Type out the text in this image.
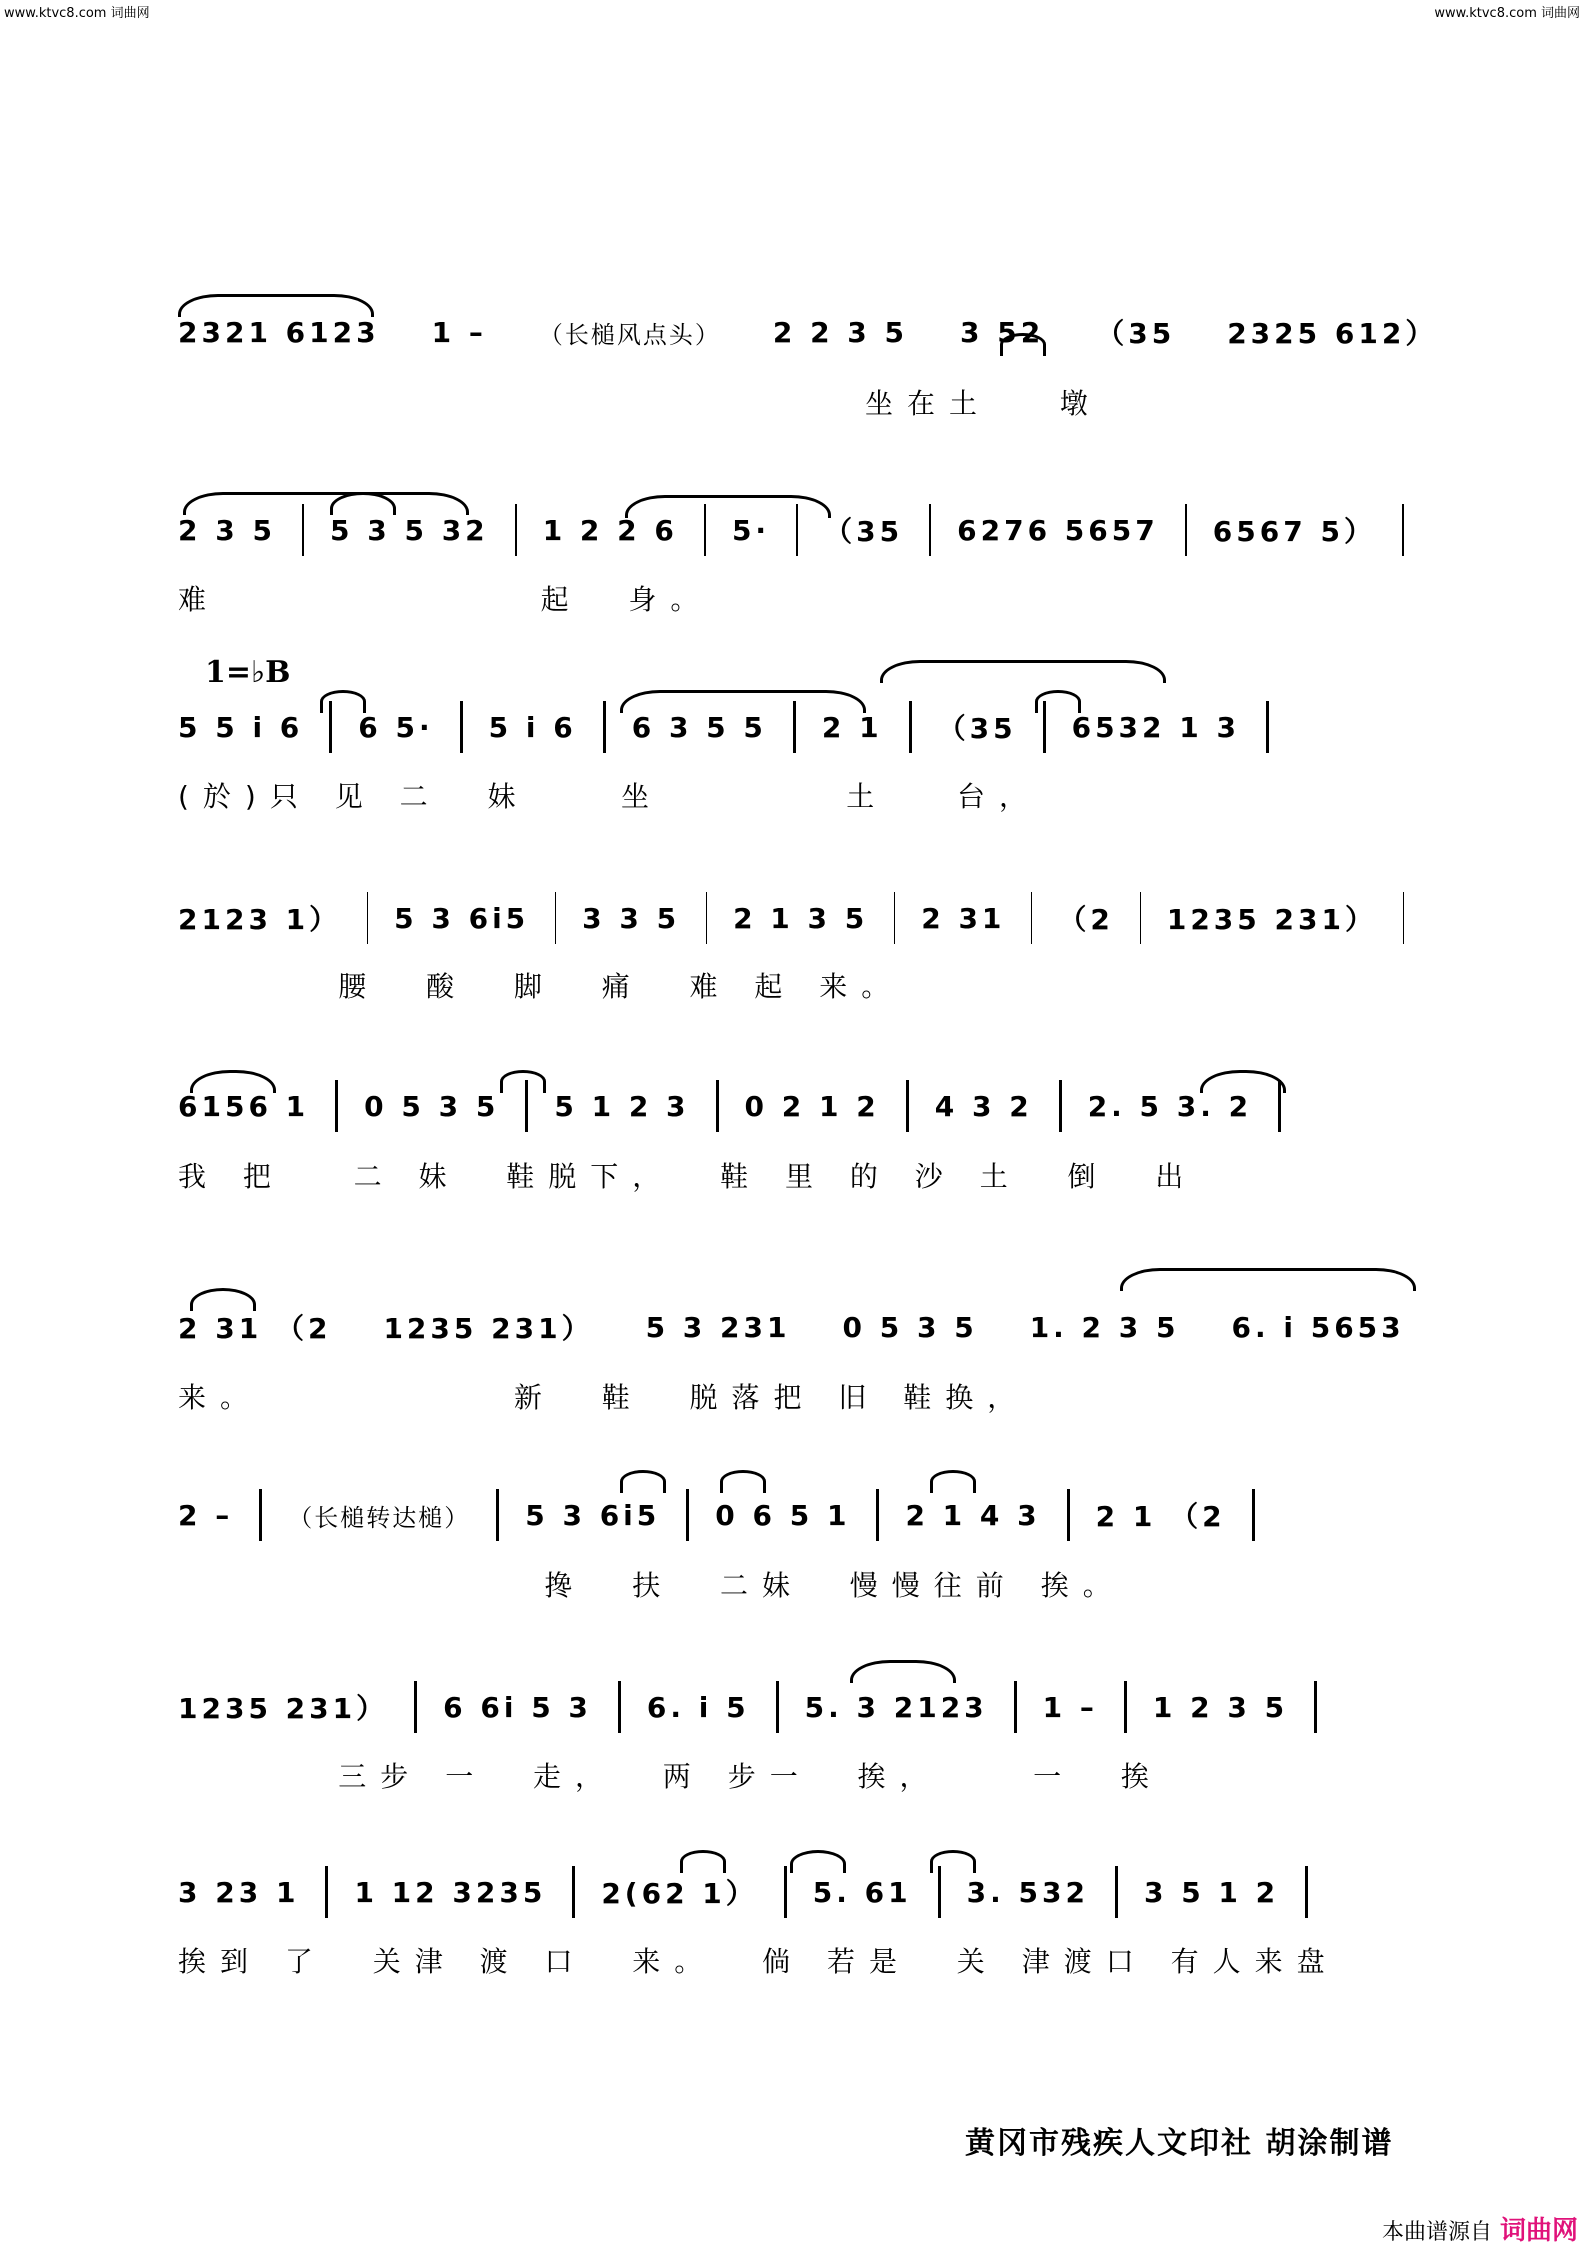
www.ktvc8.com 词曲网	www.ktvc8.com 词曲网
1=♭B
2321 6123 1 – （长槌风点头） 2 2 3 5 3 52 （35 2325 612）
坐在土   墩
2 3 5 5 3 5 32 1 2 2 6 5· （35 6276 5657 6567 5）
难              起  身。
5 5 i 6 6 5· 5 i 6 6 3 5 5 2 1 （35 6532 1 3
(於)只 见 二  妹    坐        土   台，
2123 1） 5 3 6i5 3 3 5 2 1 3 5 2 31 （2 1235 231）
腰  酸  脚  痛  难 起 来。
6156 1 0 5 3 5 5 1 2 3 0 2 1 2 4 3 2 2. 5 3. 2
我 把   二 妹  鞋脱下，  鞋 里 的 沙 土  倒  出
2 31 （2 1235 231） 5 3 231 0 5 3 5 1. 2 3 5 6. i 5653
来。           新  鞋  脱落把 旧 鞋换，
2 – （长槌转达槌） 5 3 6i5 0 6 5 1 2 1 4 3 2 1 （2
搀  扶  二妹  慢慢往前 挨。
1235 231） 6 6i 5 3 6. i 5 5. 3 2123 1 – 1 2 3 5
三步 一  走，  两 步一  挨，    一  挨
3 23 1 1 12 3235 2(62 1） 5. 61 3. 532 3 5 1 2
挨到 了  关津 渡 口  来。  倘 若是  关 津渡口 有人来盘
黄冈市残疾人文印社 胡涂制谱
本曲谱源自 词曲网
